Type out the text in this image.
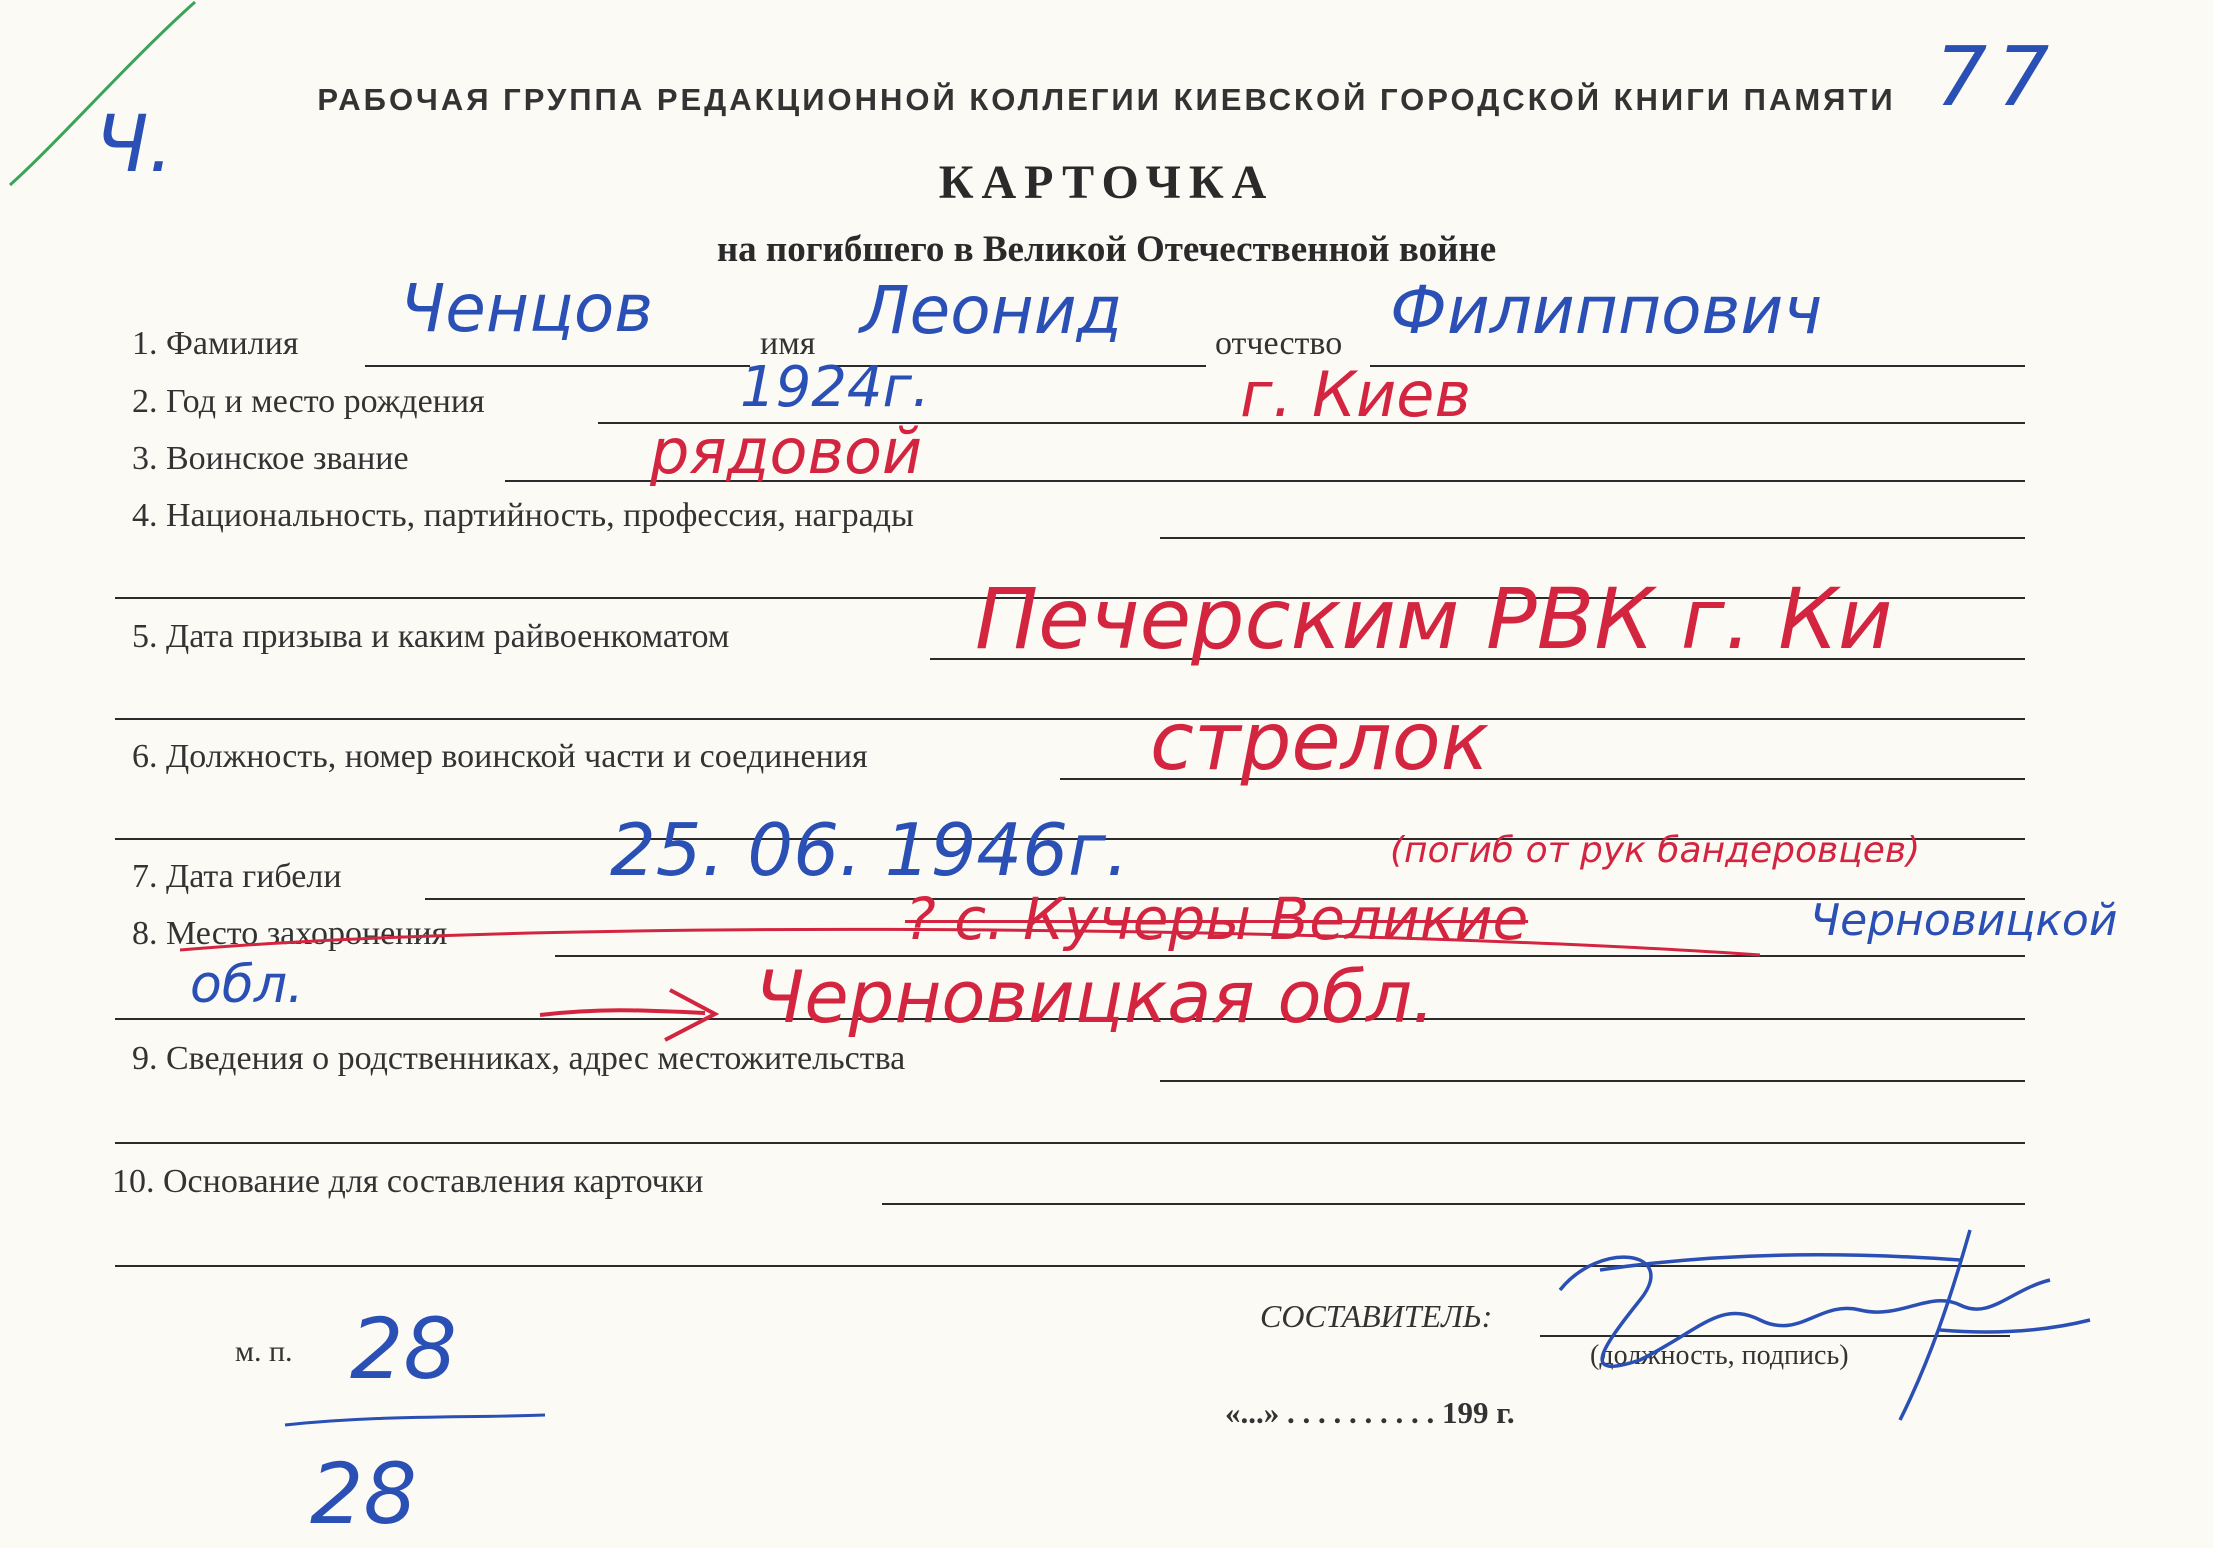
РАБОЧАЯ ГРУППА РЕДАКЦИОННОЙ КОЛЛЕГИИ КИЕВСКОЙ ГОРОДСКОЙ КНИГИ ПАМЯТИ
КАРТОЧКА
на погибшего в Великой Отечественной войне
Ч.
77
1. Фамилия	имя	отчество
Ченцов	Леонид	Филиппович
2. Год и место рождения	1924г.	г. Киев
3. Воинское звание	рядовой
4. Национальность, партийность, профессия, награды
5. Дата призыва и каким райвоенкоматом	Печерским РВК г. Ки
6. Должность, номер воинской части и соединения	стрелок
7. Дата гибели	25. 06. 1946г.	(погиб от рук бандеровцев)
8. Место захоронения	? с. Кучеры Великие	Черновицкой
обл.	Черновицкая обл.
9. Сведения о родственниках, адрес местожительства
10. Основание для составления карточки
СОСТАВИТЕЛЬ:
(должность, подпись)
м. п.
«...» . . . . . . . . . . 199 г.
28
28
